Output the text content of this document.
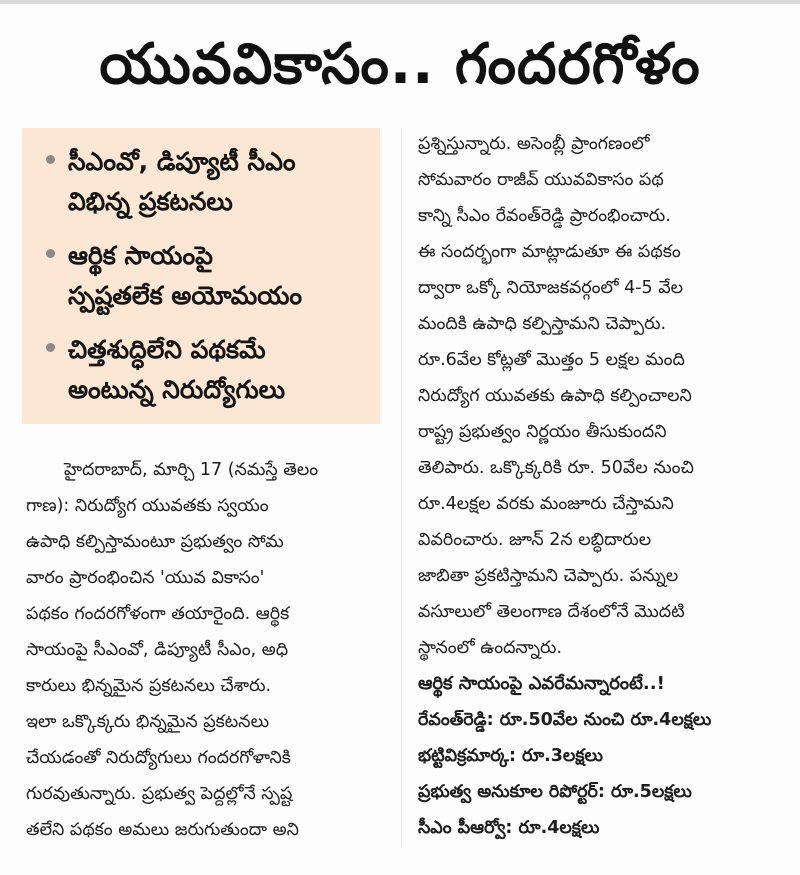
యువవికాసం.. గందరగోళం
సీఎంవో, డిప్యూటీ సీఎం
విభిన్న ప్రకటనలు
ఆర్థిక సాయంపై
స్పష్టతలేక అయోమయం
చిత్తశుద్ధిలేని పథకమే
అంటున్న నిరుద్యోగులు
హైదరాబాద్, మార్చి 17 (నమస్తే తెలం
గాణ): నిరుద్యోగ యువతకు స్వయం
ఉపాధి కల్పిస్తామంటూ ప్రభుత్వం సోమ
వారం ప్రారంభించిన 'యువ వికాసం'
పథకం గందరగోళంగా తయారైంది. ఆర్థిక
సాయంపై సీఎంవో, డిప్యూటీ సీఎం, అధి
కారులు భిన్నమైన ప్రకటనలు చేశారు.
ఇలా ఒక్కొక్కరు భిన్నమైన ప్రకటనలు
చేయడంతో నిరుద్యోగులు గందరగోళానికి
గురవుతున్నారు. ప్రభుత్వ పెద్దల్లోనే స్పష్ట
తలేని పథకం అమలు జరుగుతుందా అని
ప్రశ్నిస్తున్నారు. అసెంబ్లీ ప్రాంగణంలో
సోమవారం రాజీవ్ యువవికాసం పథ
కాన్ని సీఎం రేవంత్‌రెడ్డి ప్రారంభించారు.
ఈ సందర్భంగా మాట్లాడుతూ ఈ పథకం
ద్వారా ఒక్కో నియోజకవర్గంలో 4-5 వేల
మందికి ఉపాధి కల్పిస్తామని చెప్పారు.
రూ.6వేల కోట్లతో మొత్తం 5 లక్షల మంది
నిరుద్యోగ యువతకు ఉపాధి కల్పించాలని
రాష్ట్ర ప్రభుత్వం నిర్ణయం తీసుకుందని
తెలిపారు. ఒక్కొక్కరికి రూ. 50వేల నుంచి
రూ.4లక్షల వరకు మంజూరు చేస్తామని
వివరించారు. జూన్ 2న లబ్ధిదారుల
జాబితా ప్రకటిస్తామని చెప్పారు. పన్నుల
వసూలులో తెలంగాణ దేశంలోనే మొదటి
స్థానంలో ఉందన్నారు.
ఆర్థిక సాయంపై ఎవరేమన్నారంటే..!
రేవంత్‌రెడ్డి: రూ.50వేల నుంచి రూ.4లక్షలు
భట్టివిక్రమార్క: రూ.3లక్షలు
ప్రభుత్వ అనుకూల రిపోర్టర్: రూ.5లక్షలు
సీఎం పీఆర్వో: రూ.4లక్షలు
